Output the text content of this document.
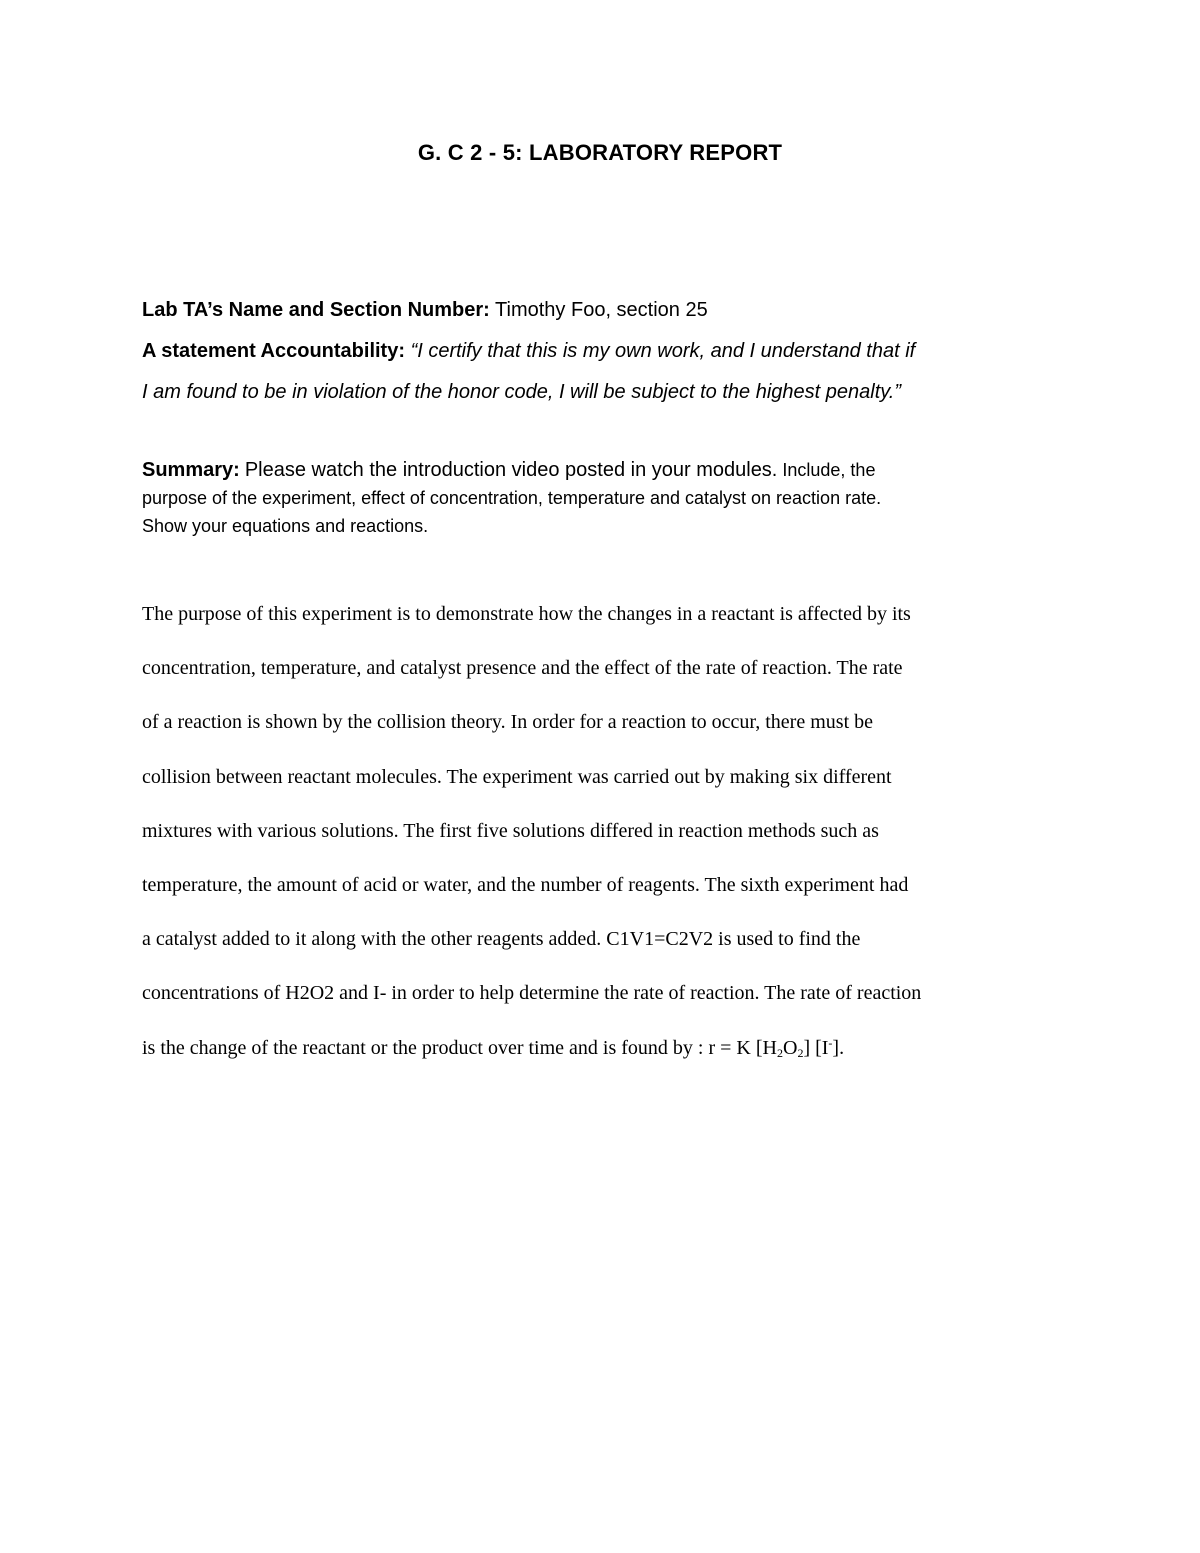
G. C 2 - 5: LABORATORY REPORT
Lab TA’s Name and Section Number: Timothy Foo, section 25
A statement Accountability: “I certify that this is my own work, and I understand that if
I am found to be in violation of the honor code, I will be subject to the highest penalty.”
Summary: Please watch the introduction video posted in your modules. Include, the
purpose of the experiment, effect of concentration, temperature and catalyst on reaction rate.
Show your equations and reactions.
The purpose of this experiment is to demonstrate how the changes in a reactant is affected by its
concentration, temperature, and catalyst presence and the effect of the rate of reaction. The rate
of a reaction is shown by the collision theory. In order for a reaction to occur, there must be
collision between reactant molecules. The experiment was carried out by making six different
mixtures with various solutions. The first five solutions differed in reaction methods such as
temperature, the amount of acid or water, and the number of reagents. The sixth experiment had
a catalyst added to it along with the other reagents added. C1V1=C2V2 is used to find the
concentrations of H2O2 and I- in order to help determine the rate of reaction. The rate of reaction
is the change of the reactant or the product over time and is found by : r = K $[H_2O_2]$ [I-].
